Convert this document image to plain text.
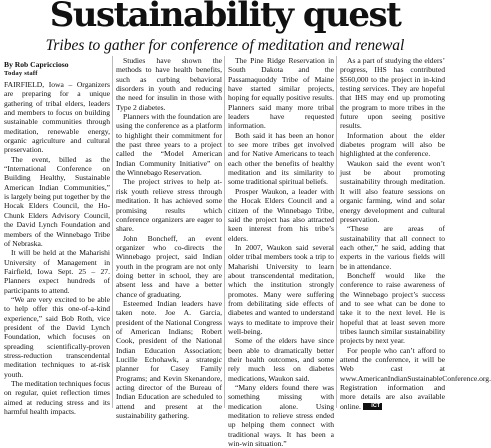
Sustainability quest
Tribes to gather for conference of meditation and renewal
By Rob Capriccioso
Today staff

FAIRFIELD, Iowa – Organizers are preparing for a unique gathering of tribal elders, leaders and members to focus on building sustainable communities through meditation, renewable energy, organic agriculture and cultural preservation.

The event, billed as the “International Conference on Building Healthy, Sustainable American Indian Communities,” is largely being put together by the Hocak Elders Council, the Ho-Chunk Elders Advisory Council, the David Lynch Foundation and members of the Winnebago Tribe of Nebraska.

It will be held at the Maharishi University of Management in Fairfield, Iowa Sept. 25 – 27. Planners expect hundreds of participants to attend.

“We are very excited to be able to help offer this one-of-a-kind experience,” said Bob Roth, vice president of the David Lynch Foundation, which focuses on spreading scientifically-proven stress-reduction transcendental meditation techniques to at-risk youth.

The meditation techniques focus on regular, quiet reflection times aimed at reducing stress and its harmful health impacts.

Studies have shown the methods to have health benefits, such as curbing behavioral disorders in youth and reducing the need for insulin in those with Type 2 diabetes.

Planners with the foundation are using the conference as a platform to highlight their commitment for the past three years to a project called the “Model American Indian Community Initiative” on the Winnebago Reservation.

The project strives to help at-risk youth relieve stress through meditation. It has achieved some promising results which conference organizers are eager to share.

John Boncheff, an event organizer who co-directs the Winnebago project, said Indian youth in the program are not only doing better in school, they are absent less and have a better chance of graduating.

Esteemed Indian leaders have taken note. Joe A. Garcia, president of the National Congress of American Indians; Robert Cook, president of the National Indian Education Association; Lucille Echohawk, a strategic planner for Casey Family Programs; and Kevin Skenandore, acting director of the Bureau of Indian Education are scheduled to attend and present at the sustainability gathering.

The Pine Ridge Reservation in South Dakota and the Passamaquoddy Tribe of Maine have started similar projects, hoping for equally positive results. Planners said many more tribal leaders have requested information.

Both said it has been an honor to see more tribes get involved and for Native Americans to teach each other the benefits of healthy meditation and its similarity to some traditional spiritual beliefs.

Prosper Waukon, a leader with the Hocak Elders Council and a citizen of the Winnebago Tribe, said the project has also attracted keen interest from his tribe’s elders.

In 2007, Waukon said several older tribal members took a trip to Maharishi University to learn about transcendental meditation, which the institution strongly promotes. Many were suffering from debilitating side effects of diabetes and wanted to understand ways to meditate to improve their well-being.

Some of the elders have since been able to dramatically better their health outcomes, and some rely much less on diabetes medications, Waukon said.

“Many elders found there was something missing with medication alone. Using meditation to relieve stress ended up helping them connect with traditional ways. It has been a win-win situation.”

As a part of studying the elders’ progress, IHS has contributed $560,000 to the project in in-kind testing services. They are hopeful that IHS may end up promoting the program to more tribes in the future upon seeing positive results.

Information about the elder diabetes program will also be highlighted at the conference.

Waukon said the event won’t just be about promoting sustainability through meditation. It will also feature sessions on organic farming, wind and solar energy development and cultural preservation.

“These are areas of sustainability that all connect to each other,” he said, adding that experts in the various fields will be in attendance.

Boncheff would like the conference to raise awareness of the Winnebago project’s success and to see what can be done to take it to the next level. He is hopeful that at least seven more tribes launch similar sustainability projects by next year.

For people who can’t afford to attend the conference, it will be Web cast at www.AmericanIndianSustainableConference.org. Registration information and more details are also available online. ICT
